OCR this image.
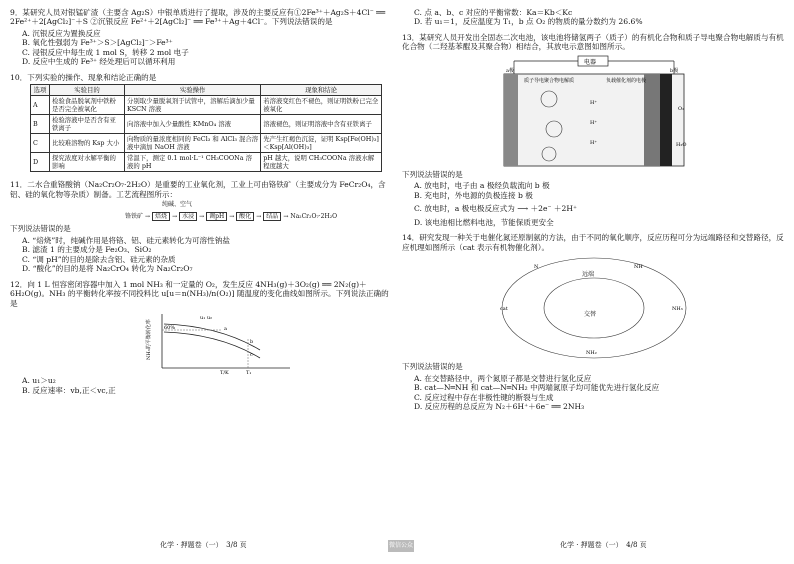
9．某研究人员对银锰矿渣（主要含 Ag₂S）中银单质进行了提取，涉及的主要反应有①2Fe³⁺＋Ag₂S＋4Cl⁻ ══ 2Fe²⁺＋2[AgCl₂]⁻＋S ②沉银反应 Fe²⁺＋2[AgCl₂]⁻ ══ Fe³⁺＋Ag＋4Cl⁻。下列说法错误的是

A. 沉银反应为置换反应

B. 氧化性强弱为 Fe³⁺＞S＞[AgCl₂]⁻＞Fe³⁺

C. 浸银反应中每生成 1 mol S，转移 2 mol 电子

D. 反应中生成的 Fe³⁺ 经处理后可以循环利用

10．下列实验的操作、现象和结论正确的是

选项	实验目的	实验操作	现象和结论
A	检验食品脱氧剂中铁粉是否完全被氧化	分别取少量脱氧剂于试管中，溶解后滴加少量 KSCN 溶液	若溶液变红色不褪色，则证明铁粉已完全被氧化
B	检验溶液中是否含有亚铁离子	向溶液中加入少量酸性 KMnO₄ 溶液	溶液褪色，则证明溶液中含有亚铁离子
C	比较难溶物的 Ksp 大小	向物质的量浓度相同的 FeCl₃ 和 AlCl₃ 混合溶液中滴加 NaOH 溶液	先产生红褐色沉淀，证明 Ksp[Fe(OH)₃]＜Ksp[Al(OH)₃]
D	探究浓度对水解平衡的影响	常温下，测定 0.1 mol·L⁻¹ CH₃COONa 溶液的 pH	pH 越大，说明 CH₃COONa 溶液水解程度越大

11．二水合重铬酸钠（Na₂Cr₂O₇·2H₂O）是重要的工业氧化剂，工业上可由铬铁矿（主要成分为 FeCr₂O₄，含铝、硅的氧化物等杂质）制备。工艺流程图所示：

纯碱、空气

铬铁矿 → 焙烧 → 水浸 → 调pH → 酸化 → 结晶 → Na₂Cr₂O₇·2H₂O

下列说法错误的是

A. “焙烧”时，纯碱作用是将铬、铝、硅元素转化为可溶性钠盐

B. 滤渣 1 的主要成分是 Fe₂O₃、SiO₂

C. “调 pH”的目的是除去含铝、硅元素的杂质

D. “酸化”的目的是将 Na₂CrO₄ 转化为 Na₂Cr₂O₇

12．向 1 L 恒容密闭容器中加入 1 mol NH₃ 和一定量的 O₂，发生反应 4NH₃(g)＋3O₂(g) ══ 2N₂(g)＋6H₂O(g)。NH₃ 的平衡转化率按不同投料比 u[u＝n(NH₃)/n(O₂)] 随温度的变化曲线如图所示。下列说法正确的是

NH₃的平衡转化率
T/K
u₁ u₂
60%
T₁
a
b
c

A. u₁＞u₂

B. 反应速率：vb,正＜vc,正

C. 点 a、b、c 对应的平衡常数：Ka＝Kb＜Kc

D. 若 u₁＝1，反应温度为 T₁，b 点 O₂ 的物质的量分数约为 26.6%

13．某研究人员开发出全固态二次电池，该电池将储氢两子（质子）的有机化合物和质子导电聚合物电解质与有机化合物（二羟基苯醌及其聚合物）相结合，其放电示意图如图所示。

电器
质子导电聚合物电解质	负载催化剂的电极
a极	b极
O₂
H₂O
H⁺
H⁺
H⁺

下列说法错误的是

A. 放电时，电子由 a 极经负载流向 b 极

B. 充电时，外电源的负极连接 b 极

C. 放电时，a 极电极反应式为 ⟶ ＋2e⁻ ＋2H⁺

D. 该电池相比燃料电池，节能保质更安全

14．研究发现一种关于电催化氮还原制氨的方法，由于不同的氧化顺序，反应历程可分为远端路径和交替路径，反应机理如图所示（cat 表示有机物催化剂）。

远端
交替
cat	NH₃
N	NH
NH₂

下列说法错误的是

A. 在交替路径中，两个氮原子都是交替进行氢化反应

B. cat—N═NH 和 cat—N═NH₂ 中两端氮原子均可能优先进行氢化反应

C. 反应过程中存在非极性键的断裂与生成

D. 反应历程的总反应为 N₂＋6H⁺＋6e⁻ ══ 2NH₃

化学 · 押题卷（一）　3/8 页	微信公众号
化学 · 押题卷（一）　4/8 页
